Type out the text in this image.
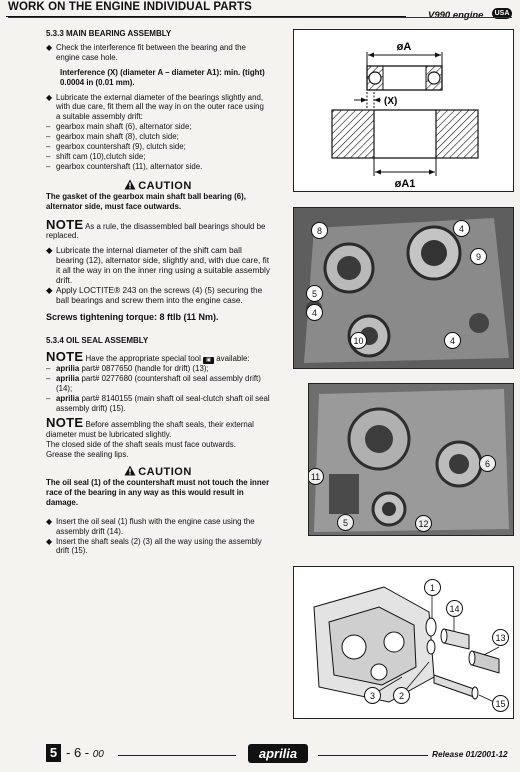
WORK ON THE ENGINE INDIVIDUAL PARTS
V990 engine	USA
5.3.3 MAIN BEARING ASSEMBLY
◆ Check the interference fit between the bearing and the engine case hole.
Interference (X) (diameter A – diameter A1): min. (tight) 0.0004 in (0.01 mm).
◆ Lubricate the external diameter of the bearings slightly and, with due care, fit them all the way in on the outer race using a suitable assembly drift:
– gearbox main shaft (6), alternator side;
– gearbox main shaft (8), clutch side;
– gearbox countershaft (9), clutch side;
– shift cam (10),clutch side;
– gearbox countershaft (11), alternator side.
CAUTION
The gasket of the gearbox main shaft ball bearing (6), alternator side, must face outwards.
NOTE As a rule, the disassembled ball bearings should be replaced.
◆ Lubricate the internal diameter of the shift cam ball bearing (12), alternator side, slightly and, with due care, fit it all the way in on the inner ring using a suitable assembly drift.
◆ Apply LOCTITE® 243 on the screws (4) (5) securing the ball bearings and screw them into the engine case.
Screws tightening torque: 8 ftlb (11 Nm).
5.3.4 OIL SEAL ASSEMBLY
NOTE Have the appropriate special tool ▣ available:
– aprilia part# 0877650 (handle for drift) (13);
– aprilia part# 0277680 (countershaft oil seal assembly drift) (14);
– aprilia part# 8140155 (main shaft oil seal-clutch shaft oil seal assembly drift) (15).
NOTE Before assembling the shaft seals, their external diameter must be lubricated slightly.
The closed side of the shaft seals must face outwards.
Grease the sealing lips.
CAUTION
The oil seal (1) of the countershaft must not touch the inner race of the bearing in any way as this would result in damage.
◆ Insert the oil seal (1) flush with the engine case using the assembly drift (14).
◆ Insert the shaft seals (2) (3) all the way using the assembly drift (15).
øA
(X)
øA1
8	4
9
4
5
10	4
11
6
5	12
1
14
13
3	2
15
5 - 6 - 00	aprilia	Release 01/2001-12
